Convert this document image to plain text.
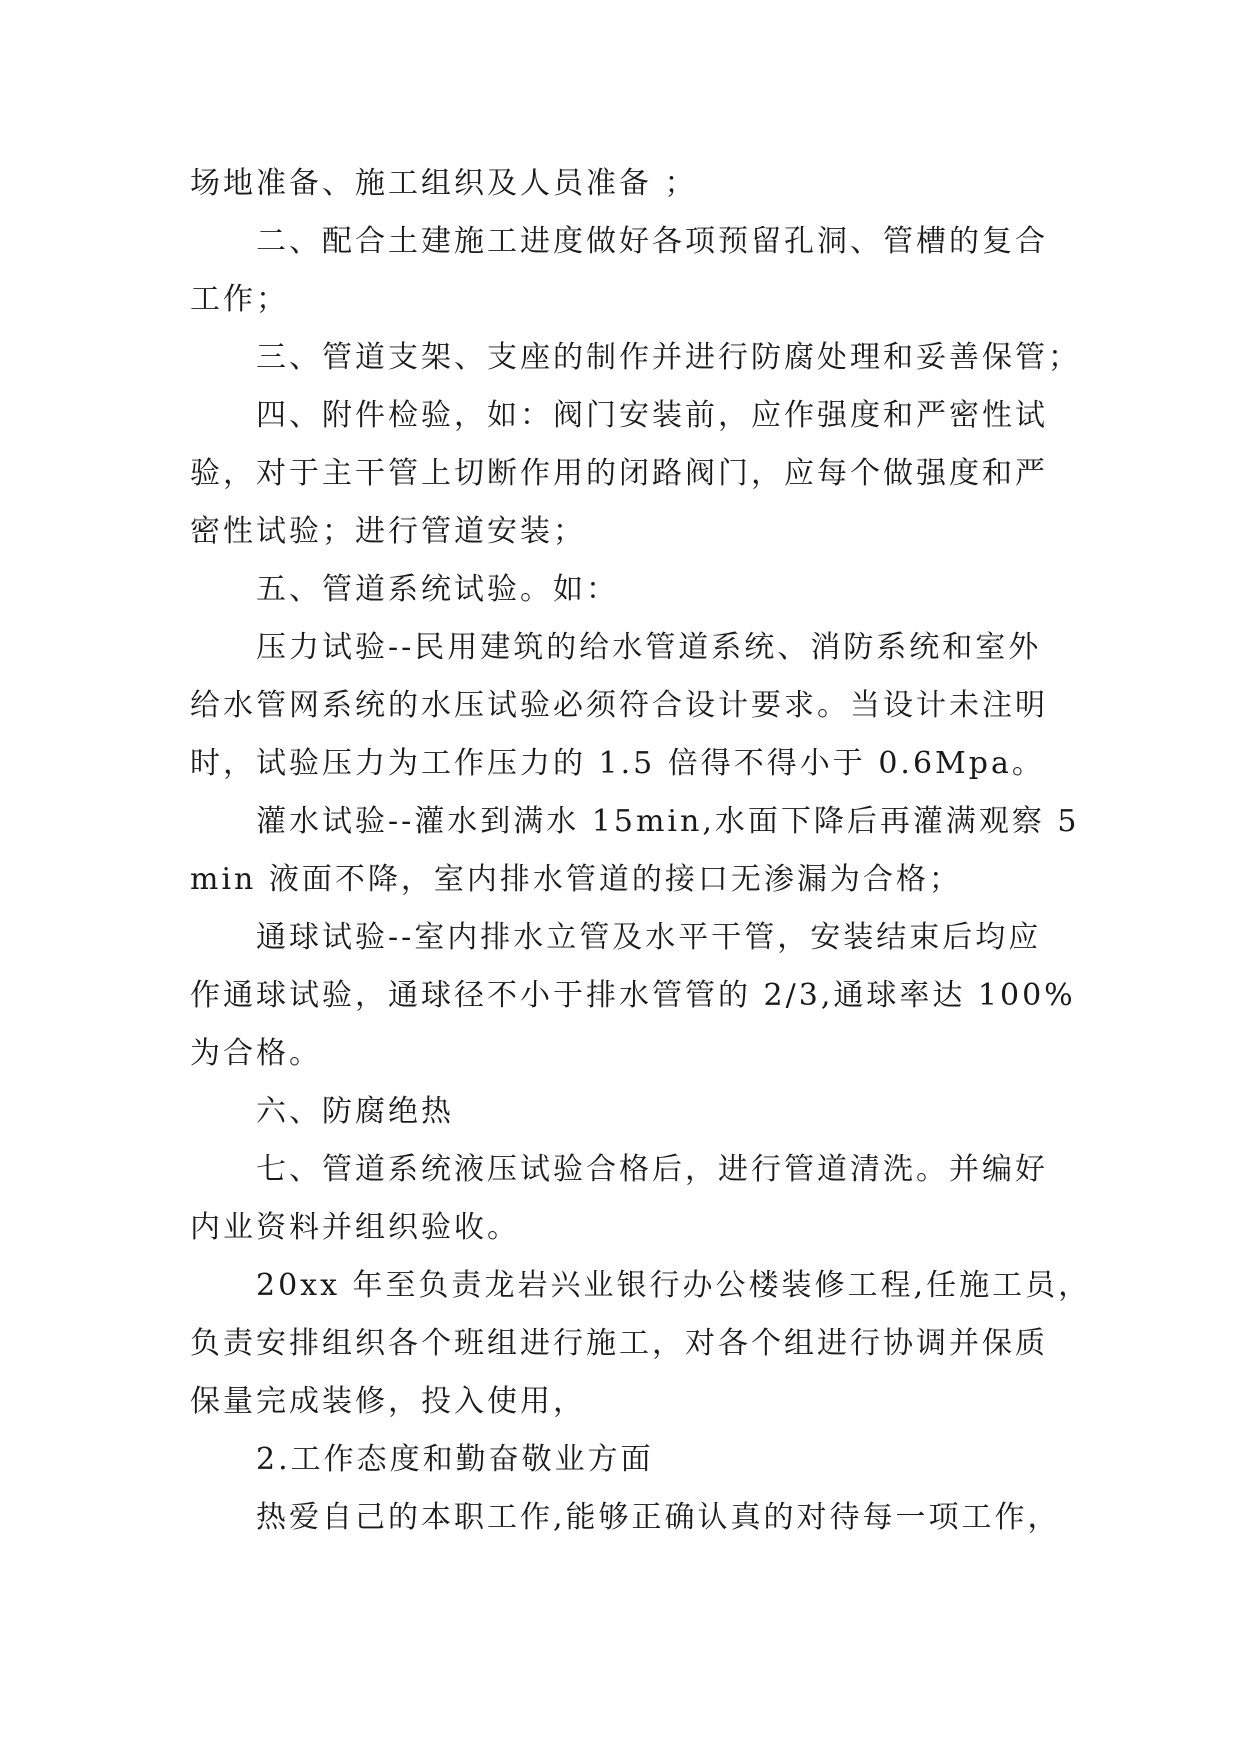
场地准备、施工组织及人员准备 ；
二、配合土建施工进度做好各项预留孔洞、管槽的复合
工作；
三、管道支架、支座的制作并进行防腐处理和妥善保管；
四、附件检验，如：阀门安装前，应作强度和严密性试
验，对于主干管上切断作用的闭路阀门，应每个做强度和严
密性试验；进行管道安装；
五、管道系统试验。如：
压力试验--民用建筑的给水管道系统、消防系统和室外
给水管网系统的水压试验必须符合设计要求。当设计未注明
时，试验压力为工作压力的 1.5 倍得不得小于 0.6Mpa。
灌水试验--灌水到满水 15min,水面下降后再灌满观察 5
min 液面不降，室内排水管道的接口无渗漏为合格；
通球试验--室内排水立管及水平干管，安装结束后均应
作通球试验，通球径不小于排水管管的 2/3,通球率达 100%
为合格。
六、防腐绝热
七、管道系统液压试验合格后，进行管道清洗。并编好
内业资料并组织验收。
20xx 年至负责龙岩兴业银行办公楼装修工程,任施工员，
负责安排组织各个班组进行施工，对各个组进行协调并保质
保量完成装修，投入使用，
2.工作态度和勤奋敬业方面
热爱自己的本职工作,能够正确认真的对待每一项工作，
